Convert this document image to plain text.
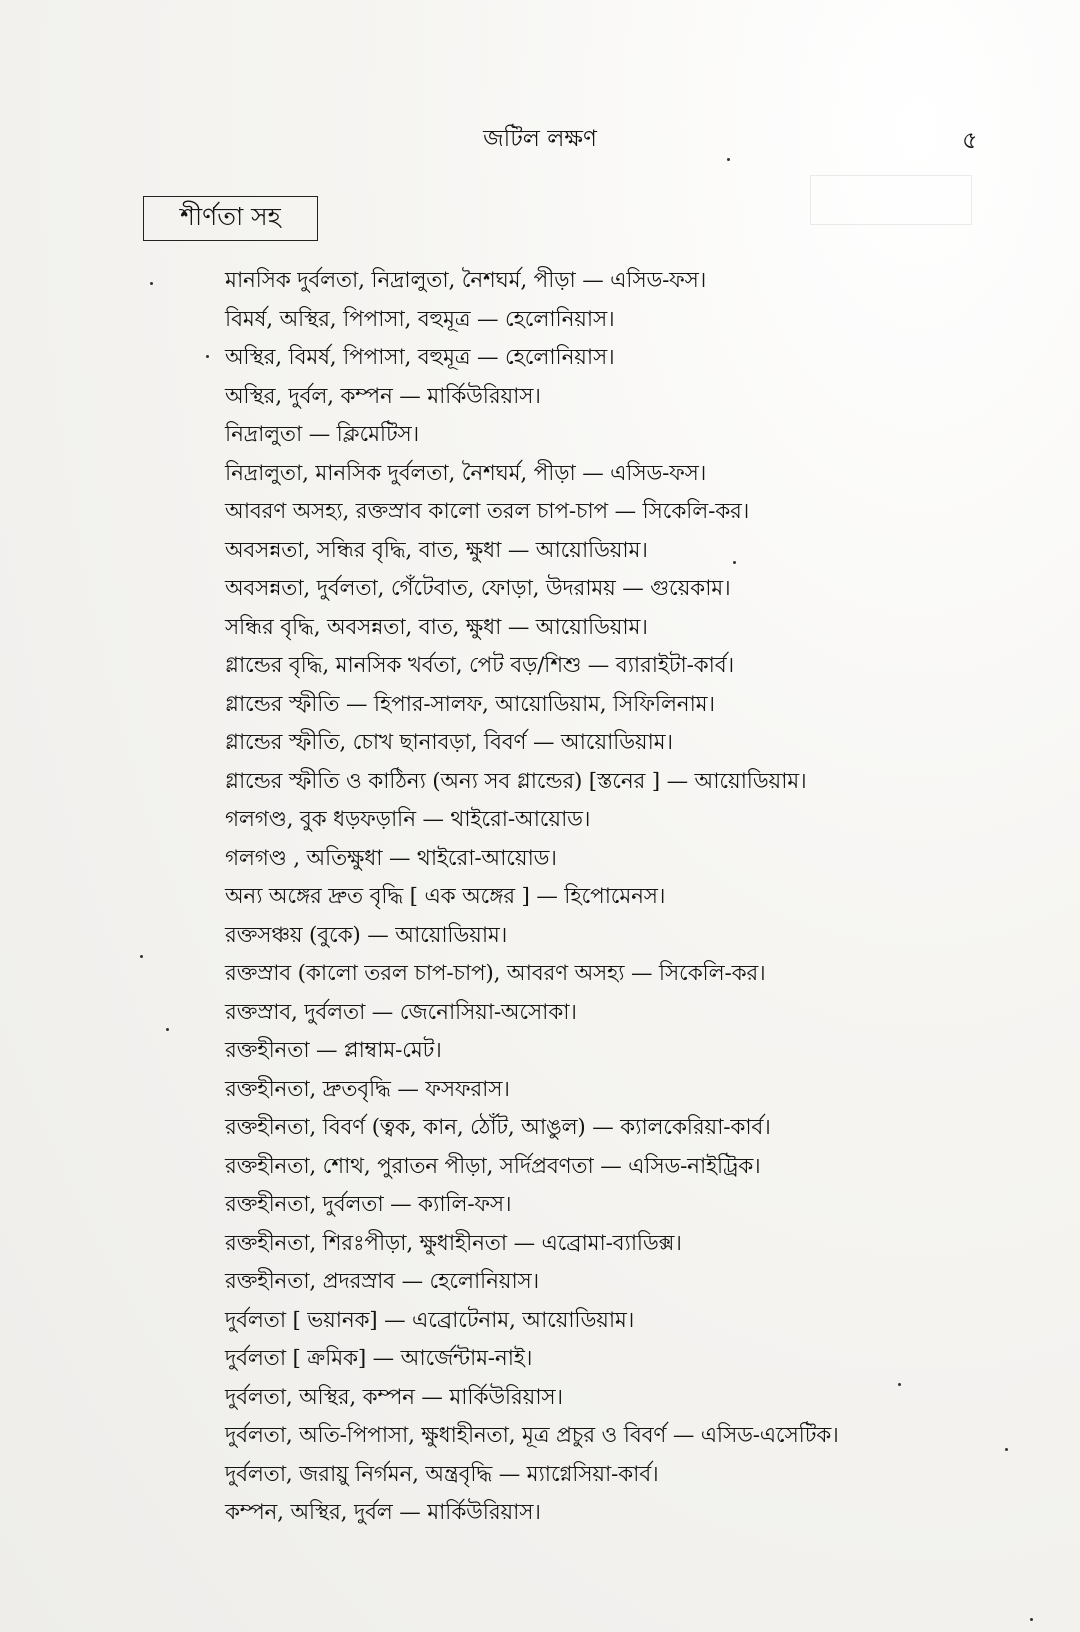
জটিল লক্ষণ	৫
শীর্ণতা সহ
মানসিক দুর্বলতা, নিদ্রালুতা, নৈশঘর্ম, পীড়া — এসিড-ফস।
বিমর্ষ, অস্থির, পিপাসা, বহুমূত্র — হেলোনিয়াস।
অস্থির, বিমর্ষ, পিপাসা, বহুমূত্র — হেলোনিয়াস।
অস্থির, দুর্বল, কম্পন — মার্কিউরিয়াস।
নিদ্রালুতা — ক্লিমেটিস।
নিদ্রালুতা, মানসিক দুর্বলতা, নৈশঘর্ম, পীড়া — এসিড-ফস।
আবরণ অসহ্য, রক্তস্রাব কালো তরল চাপ-চাপ — সিকেলি-কর।
অবসন্নতা, সন্ধির বৃদ্ধি, বাত, ক্ষুধা — আয়োডিয়াম।
অবসন্নতা, দুর্বলতা, গেঁটেবাত, ফোড়া, উদরাময় — গুয়েকাম।
সন্ধির বৃদ্ধি, অবসন্নতা, বাত, ক্ষুধা — আয়োডিয়াম।
গ্লান্ডের বৃদ্ধি, মানসিক খর্বতা, পেট বড়/শিশু — ব্যারাইটা-কার্ব।
গ্লান্ডের স্ফীতি — হিপার-সালফ, আয়োডিয়াম, সিফিলিনাম।
গ্লান্ডের স্ফীতি, চোখ ছানাবড়া, বিবর্ণ — আয়োডিয়াম।
গ্লান্ডের স্ফীতি ও কাঠিন্য (অন্য সব গ্লান্ডের) [স্তনের ] — আয়োডিয়াম।
গলগণ্ড, বুক ধড়ফড়ানি — থাইরো-আয়োড।
গলগণ্ড , অতিক্ষুধা — থাইরো-আয়োড।
অন্য অঙ্গের দ্রুত বৃদ্ধি [ এক অঙ্গের ] — হিপোমেনস।
রক্তসঞ্চয় (বুকে) — আয়োডিয়াম।
রক্তস্রাব (কালো তরল চাপ-চাপ), আবরণ অসহ্য — সিকেলি-কর।
রক্তস্রাব, দুর্বলতা — জেনোসিয়া-অসোকা।
রক্তহীনতা — প্লাম্বাম-মেট।
রক্তহীনতা, দ্রুতবৃদ্ধি — ফসফরাস।
রক্তহীনতা, বিবর্ণ (ত্বক, কান, ঠোঁট, আঙুল) — ক্যালকেরিয়া-কার্ব।
রক্তহীনতা, শোথ, পুরাতন পীড়া, সর্দিপ্রবণতা — এসিড-নাইট্রিক।
রক্তহীনতা, দুর্বলতা — ক্যালি-ফস।
রক্তহীনতা, শিরঃপীড়া, ক্ষুধাহীনতা — এব্রোমা-ব্যাডিক্স।
রক্তহীনতা, প্রদরস্রাব — হেলোনিয়াস।
দুর্বলতা [ ভয়ানক] — এব্রোটেনাম, আয়োডিয়াম।
দুর্বলতা [ ক্রমিক] — আর্জেন্টাম-নাই।
দুর্বলতা, অস্থির, কম্পন — মার্কিউরিয়াস।
দুর্বলতা, অতি-পিপাসা, ক্ষুধাহীনতা, মূত্র প্রচুর ও বিবর্ণ — এসিড-এসেটিক।
দুর্বলতা, জরায়ু নির্গমন, অন্ত্রবৃদ্ধি — ম্যাগ্নেসিয়া-কার্ব।
কম্পন, অস্থির, দুর্বল — মার্কিউরিয়াস।
